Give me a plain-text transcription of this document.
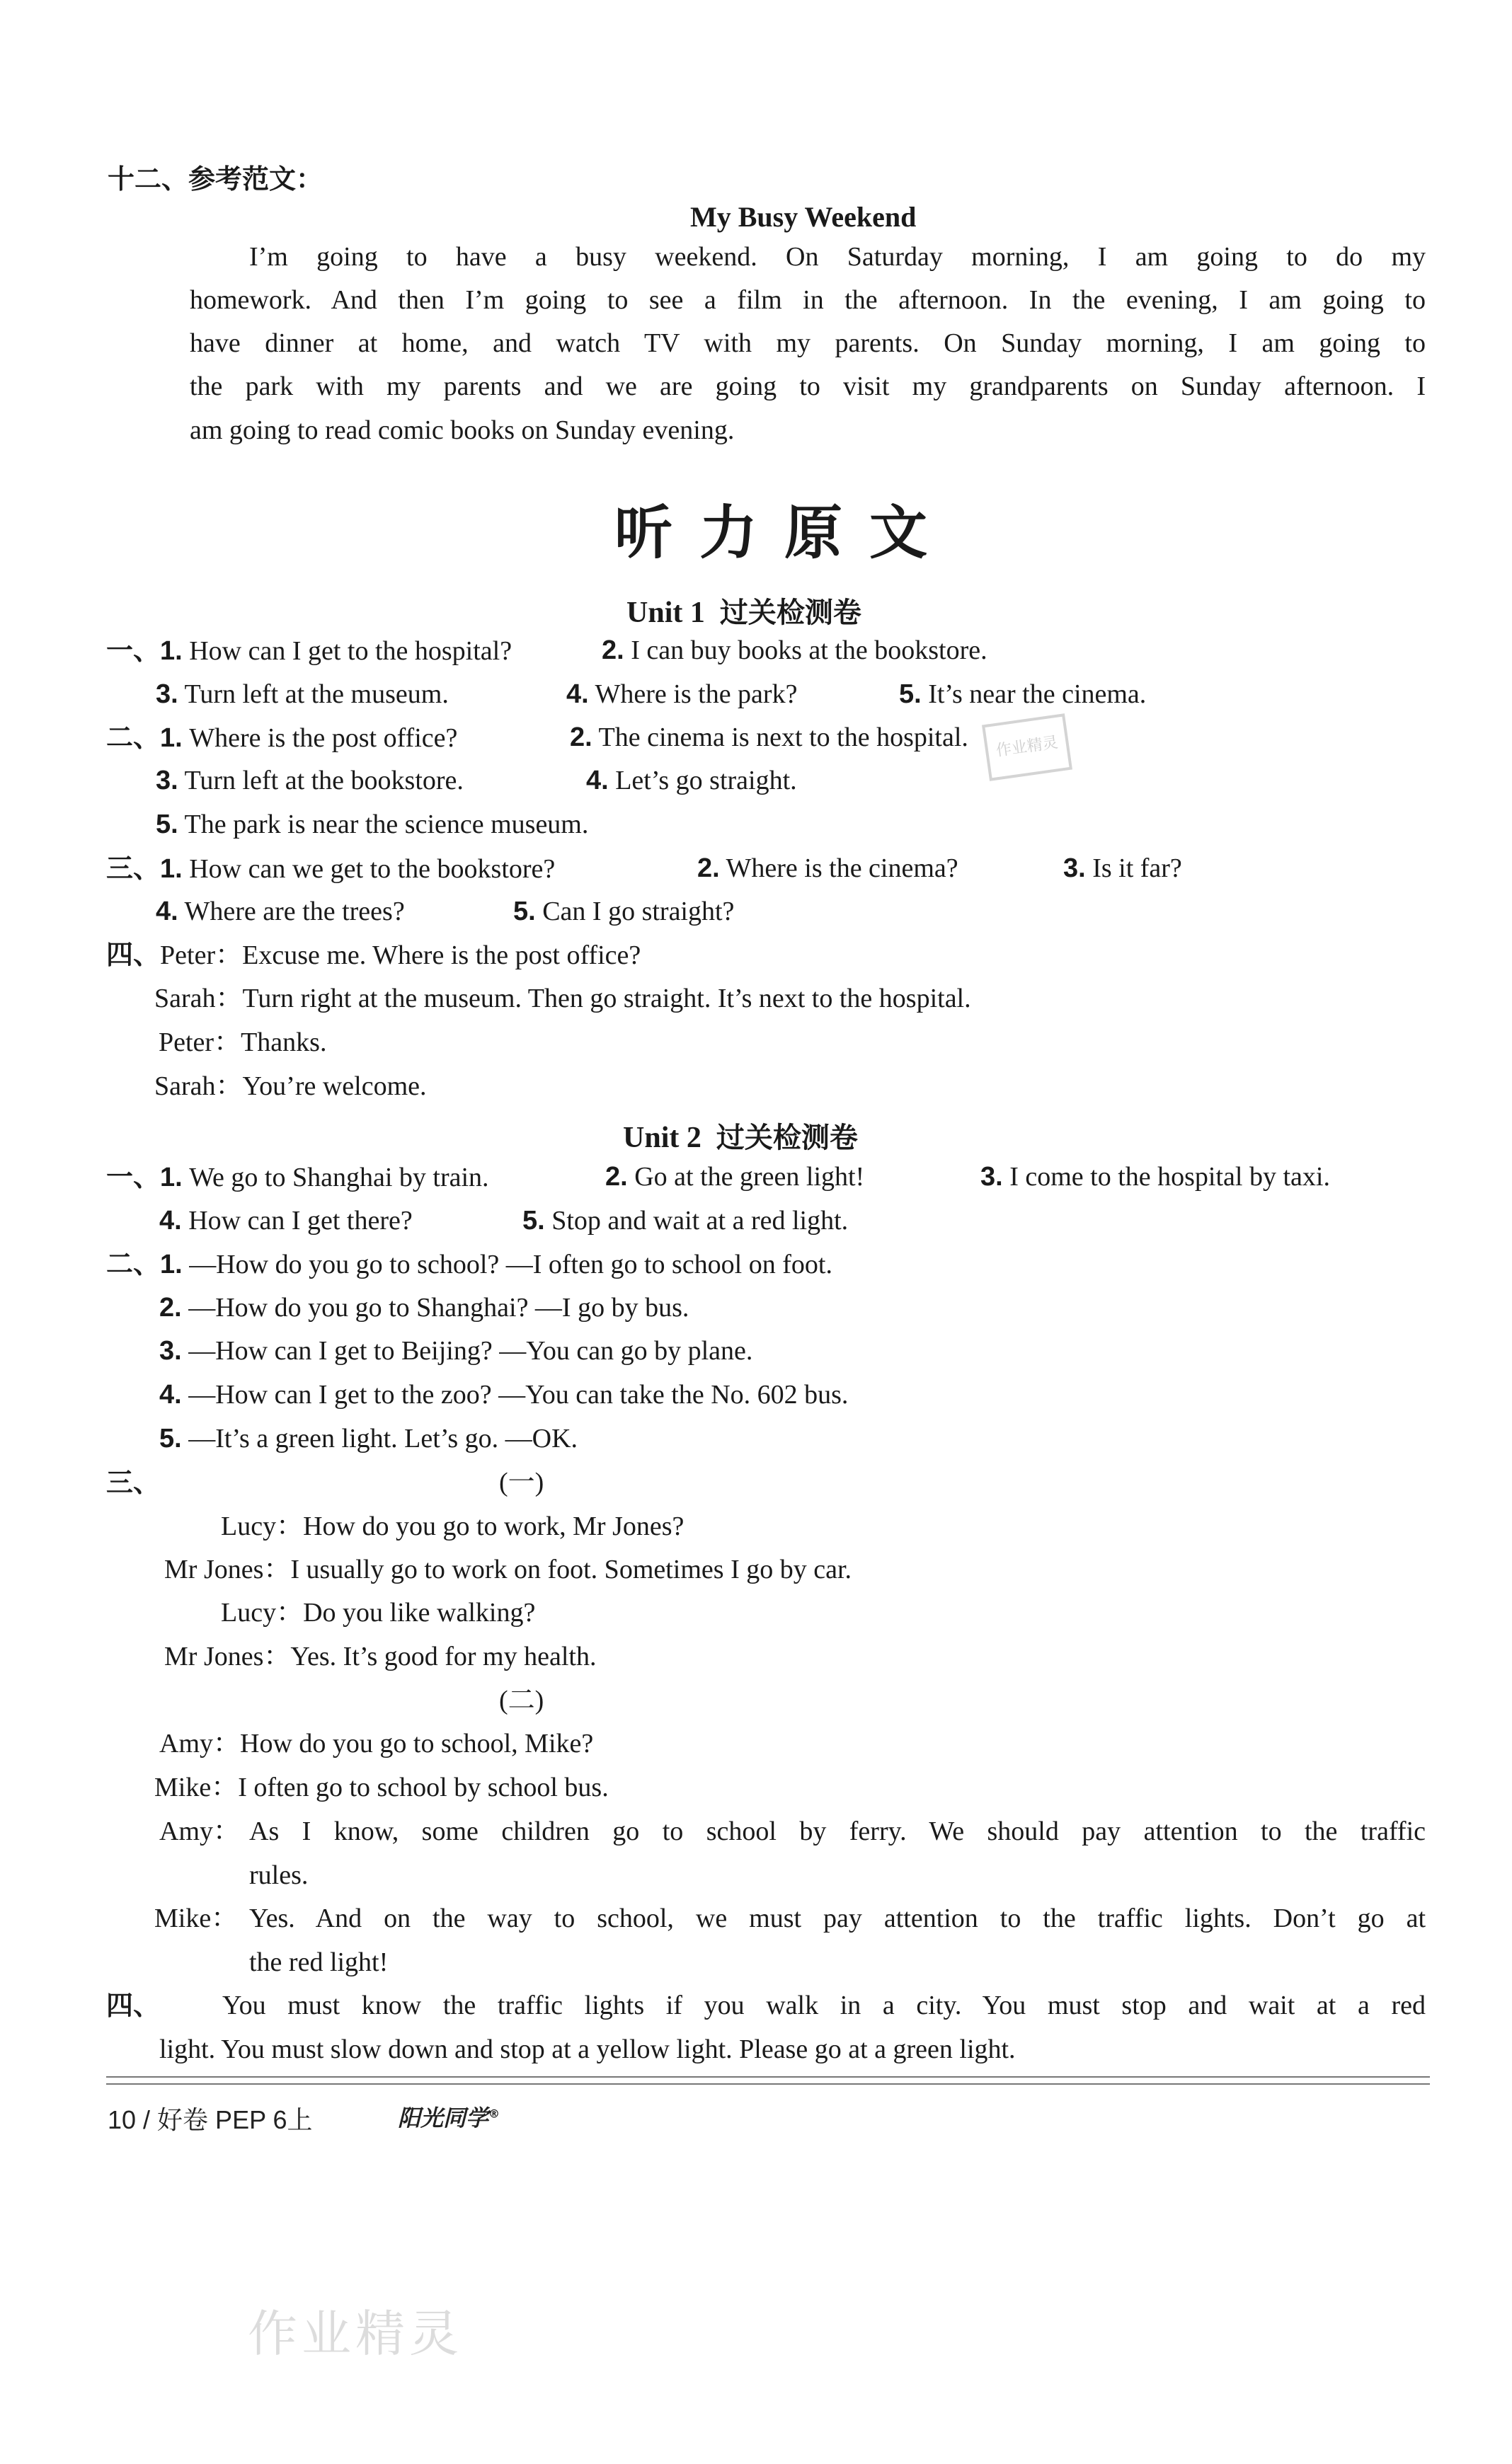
十二、参考范文：
My Busy Weekend
I’m going to have a busy weekend. On Saturday morning, I am going to do my
homework. And then I’m going to see a film in the afternoon. In the evening, I am going to
have dinner at home, and watch TV with my parents. On Sunday morning, I am going to
the park with my parents and we are going to visit my grandparents on Sunday afternoon. I
am going to read comic books on Sunday evening.
听力原文
Unit 1 过关检测卷
一、1. How can I get to the hospital?	2. I can buy books at the bookstore.
3. Turn left at the museum.	4. Where is the park?	5. It’s near the cinema.
二、1. Where is the post office?	2. The cinema is next to the hospital.
3. Turn left at the bookstore.	4. Let’s go straight.
5. The park is near the science museum.
三、1. How can we get to the bookstore?	2. Where is the cinema?	3. Is it far?
4. Where are the trees?	5. Can I go straight?
四、Peter：Excuse me. Where is the post office?
Sarah：Turn right at the museum. Then go straight. It’s next to the hospital.
Peter：Thanks.
Sarah：You’re welcome.
Unit 2 过关检测卷
一、1. We go to Shanghai by train.	2. Go at the green light!	3. I come to the hospital by taxi.
4. How can I get there?	5. Stop and wait at a red light.
二、1. —How do you go to school? —I often go to school on foot.
2. —How do you go to Shanghai? —I go by bus.
3. —How can I get to Beijing? —You can go by plane.
4. —How can I get to the zoo? —You can take the No. 602 bus.
5. —It’s a green light. Let’s go. —OK.
三、	(一)
Lucy：How do you go to work, Mr Jones?
Mr Jones：I usually go to work on foot. Sometimes I go by car.
Lucy：Do you like walking?
Mr Jones：Yes. It’s good for my health.
(二)
Amy：How do you go to school, Mike?
Mike：I often go to school by school bus.
Amy： As I know, some children go to school by ferry. We should pay attention to the traffic
rules.
Mike： Yes. And on the way to school, we must pay attention to the traffic lights. Don’t go at
the red light!
四、 You must know the traffic lights if you walk in a city. You must stop and wait at a red
light. You must slow down and stop at a yellow light. Please go at a green light.
10 / 好卷 PEP 6上	阳光同学®
作业精灵
作业精灵
